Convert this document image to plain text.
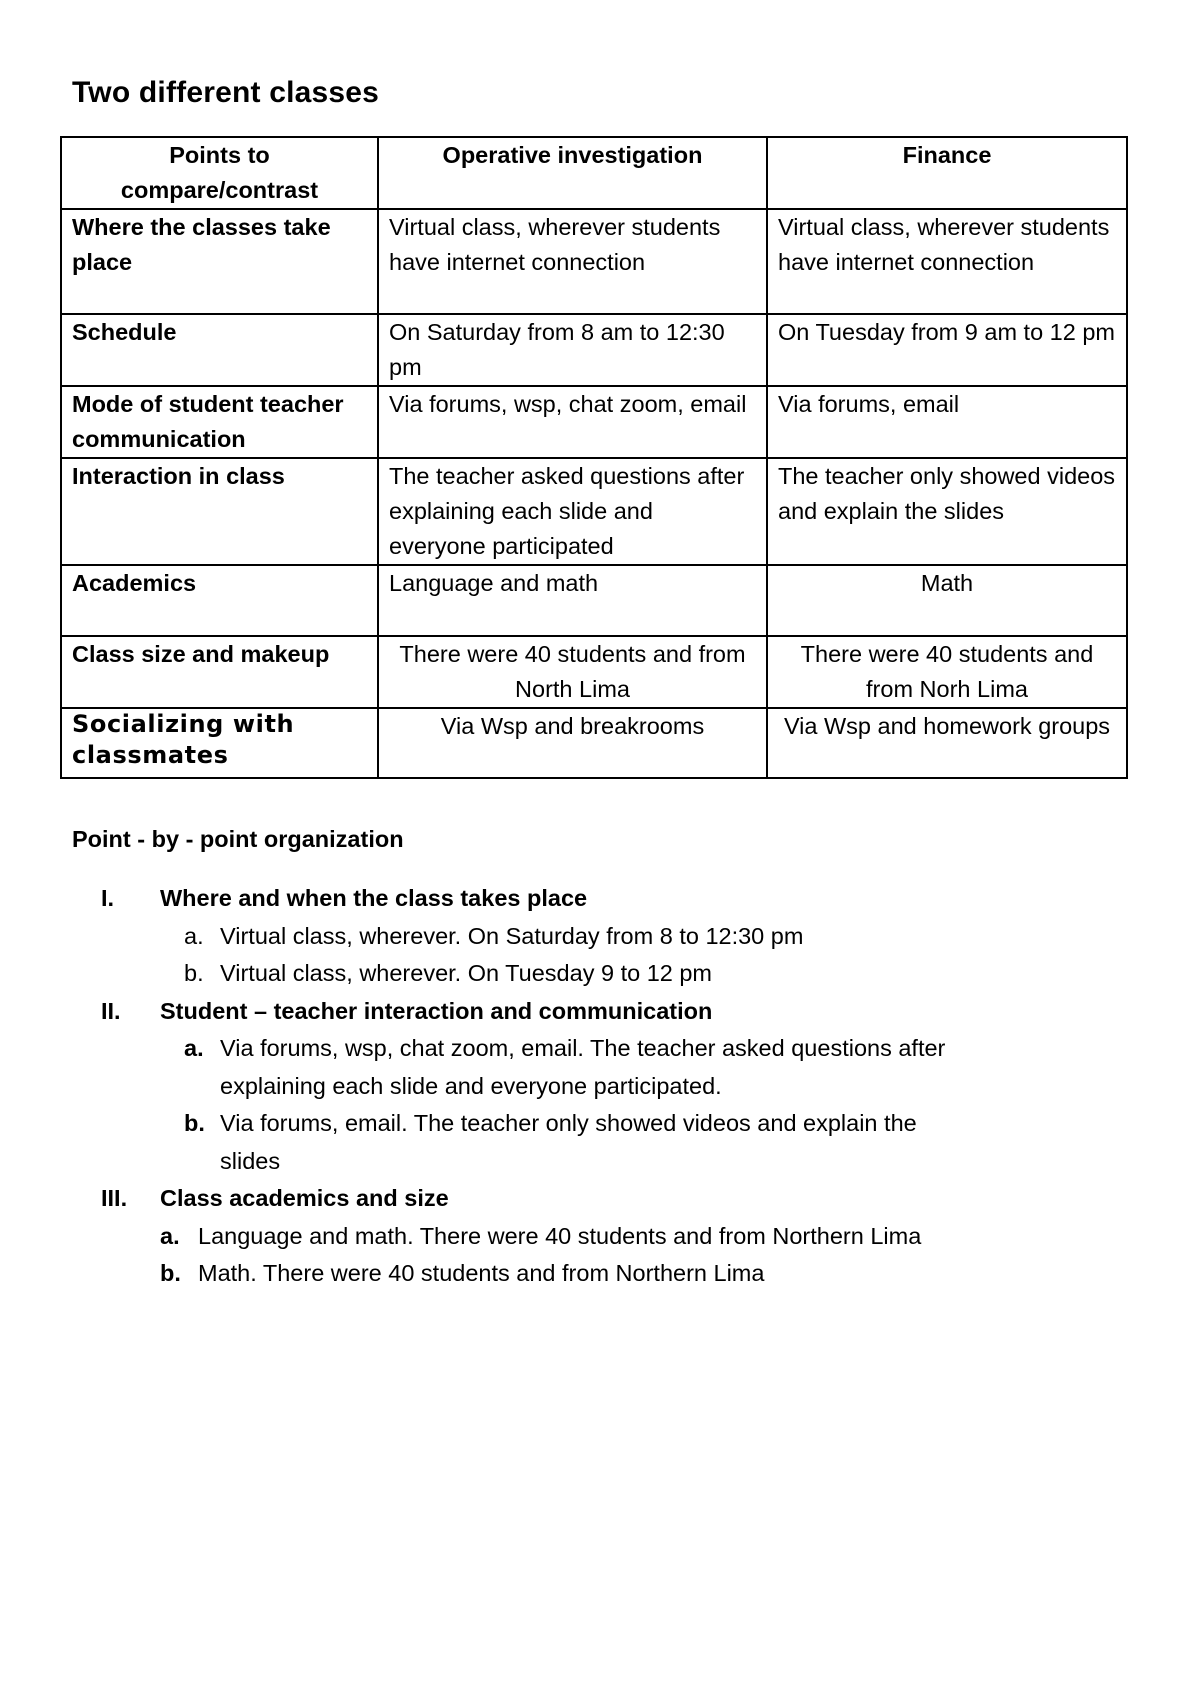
Two different classes
Points to compare/contrast	Operative investigation	Finance
Where the classes take place	Virtual class, wherever students have internet connection	Virtual class, wherever students have internet connection
Schedule	On Saturday from 8 am to 12:30 pm	On Tuesday from 9 am to 12 pm
Mode of student teacher communication	Via forums, wsp, chat zoom, email	Via forums, email
Interaction in class	The teacher asked questions after explaining each slide and everyone participated	The teacher only showed videos and explain the slides
Academics	Language and math	Math
Class size and makeup	There were 40 students and from North Lima	There were 40 students and from Norh Lima
Socializing with classmates	Via Wsp and breakrooms	Via Wsp and homework groups
Point - by - point organization
I. Where and when the class takes place
a. Virtual class, wherever. On Saturday from 8 to 12:30 pm
b. Virtual class, wherever. On Tuesday 9 to 12 pm
II. Student – teacher interaction and communication
a. Via forums, wsp, chat zoom, email. The teacher asked questions after
explaining each slide and everyone participated.
b. Via forums, email. The teacher only showed videos and explain the
slides
III. Class academics and size
a. Language and math. There were 40 students and from Northern Lima
b. Math. There were 40 students and from Northern Lima
